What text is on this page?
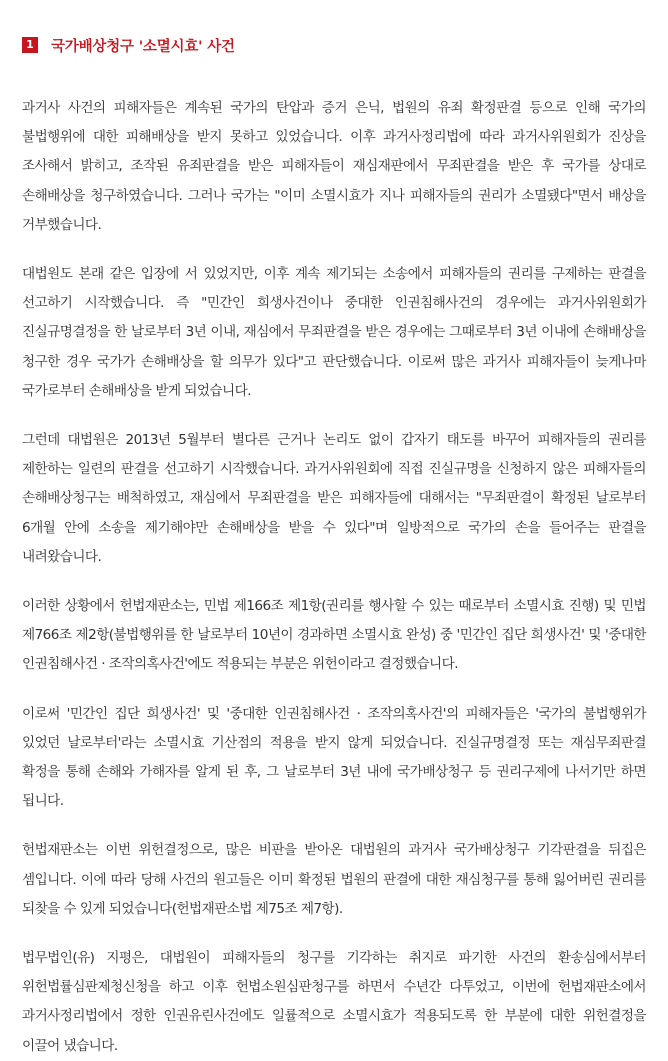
1 국가배상청구 '소멸시효' 사건

과거사 사건의 피해자들은 계속된 국가의 탄압과 증거 은닉, 법원의 유죄 확정판결 등으로 인해 국가의 불법행위에 대한 피해배상을 받지 못하고 있었습니다. 이후 과거사정리법에 따라 과거사위원회가 진상을 조사해서 밝히고, 조작된 유죄판결을 받은 피해자들이 재심재판에서 무죄판결을 받은 후 국가를 상대로 손해배상을 청구하였습니다. 그러나 국가는 "이미 소멸시효가 지나 피해자들의 권리가 소멸됐다"면서 배상을 거부했습니다.

대법원도 본래 같은 입장에 서 있었지만, 이후 계속 제기되는 소송에서 피해자들의 권리를 구제하는 판결을 선고하기 시작했습니다. 즉 "민간인 희생사건이나 중대한 인권침해사건의 경우에는 과거사위원회가 진실규명결정을 한 날로부터 3년 이내, 재심에서 무죄판결을 받은 경우에는 그때로부터 3년 이내에 손해배상을 청구한 경우 국가가 손해배상을 할 의무가 있다"고 판단했습니다. 이로써 많은 과거사 피해자들이 늦게나마 국가로부터 손해배상을 받게 되었습니다.

그런데 대법원은 2013년 5월부터 별다른 근거나 논리도 없이 갑자기 태도를 바꾸어 피해자들의 권리를 제한하는 일련의 판결을 선고하기 시작했습니다. 과거사위원회에 직접 진실규명을 신청하지 않은 피해자들의 손해배상청구는 배척하였고, 재심에서 무죄판결을 받은 피해자들에 대해서는 "무죄판결이 확정된 날로부터 6개월 안에 소송을 제기해야만 손해배상을 받을 수 있다"며 일방적으로 국가의 손을 들어주는 판결을 내려왔습니다.

이러한 상황에서 헌법재판소는, 민법 제166조 제1항(권리를 행사할 수 있는 때로부터 소멸시효 진행) 및 민법 제766조 제2항(불법행위를 한 날로부터 10년이 경과하면 소멸시효 완성) 중 '민간인 집단 희생사건' 및 '중대한 인권침해사건 · 조작의혹사건'에도 적용되는 부분은 위헌이라고 결정했습니다.

이로써 '민간인 집단 희생사건' 및 '중대한 인권침해사건 · 조작의혹사건'의 피해자들은 '국가의 불법행위가 있었던 날로부터'라는 소멸시효 기산점의 적용을 받지 않게 되었습니다. 진실규명결정 또는 재심무죄판결 확정을 통해 손해와 가해자를 알게 된 후, 그 날로부터 3년 내에 국가배상청구 등 권리구제에 나서기만 하면 됩니다.

헌법재판소는 이번 위헌결정으로, 많은 비판을 받아온 대법원의 과거사 국가배상청구 기각판결을 뒤집은 셈입니다. 이에 따라 당해 사건의 원고들은 이미 확정된 법원의 판결에 대한 재심청구를 통해 잃어버린 권리를 되찾을 수 있게 되었습니다(헌법재판소법 제75조 제7항).

법무법인(유) 지평은, 대법원이 피해자들의 청구를 기각하는 취지로 파기한 사건의 환송심에서부터 위헌법률심판제청신청을 하고 이후 헌법소원심판청구를 하면서 수년간 다투었고, 이번에 헌법재판소에서 과거사정리법에서 정한 인권유린사건에도 일률적으로 소멸시효가 적용되도록 한 부분에 대한 위헌결정을 이끌어 냈습니다.
